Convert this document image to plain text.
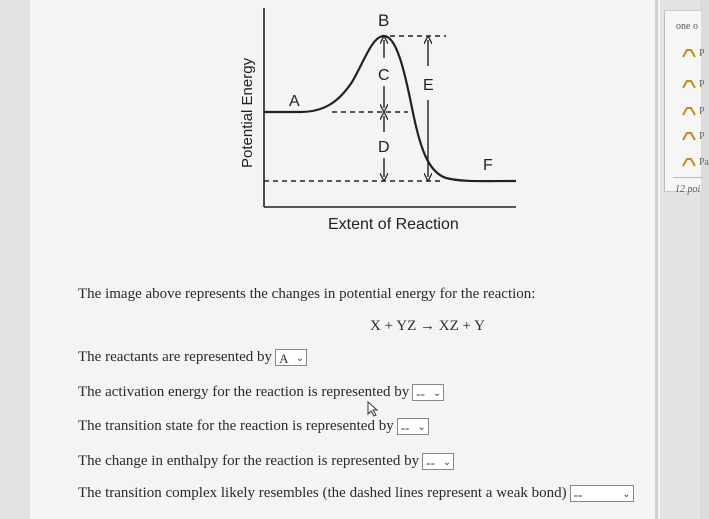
B
C
D
E
A
F
Potential Energy
Extent of Reaction
one o
P
P
P
P
Pa
12 poi
The image above represents the changes in potential energy for the reaction:
X + YZ → XZ + Y
The reactants are represented by A ⌄
The activation energy for the reaction is represented by -- ⌄
The transition state for the reaction is represented by -- ⌄
The change in enthalpy for the reaction is represented by -- ⌄
The transition complex likely resembles (the dashed lines represent a weak bond) --	⌄
